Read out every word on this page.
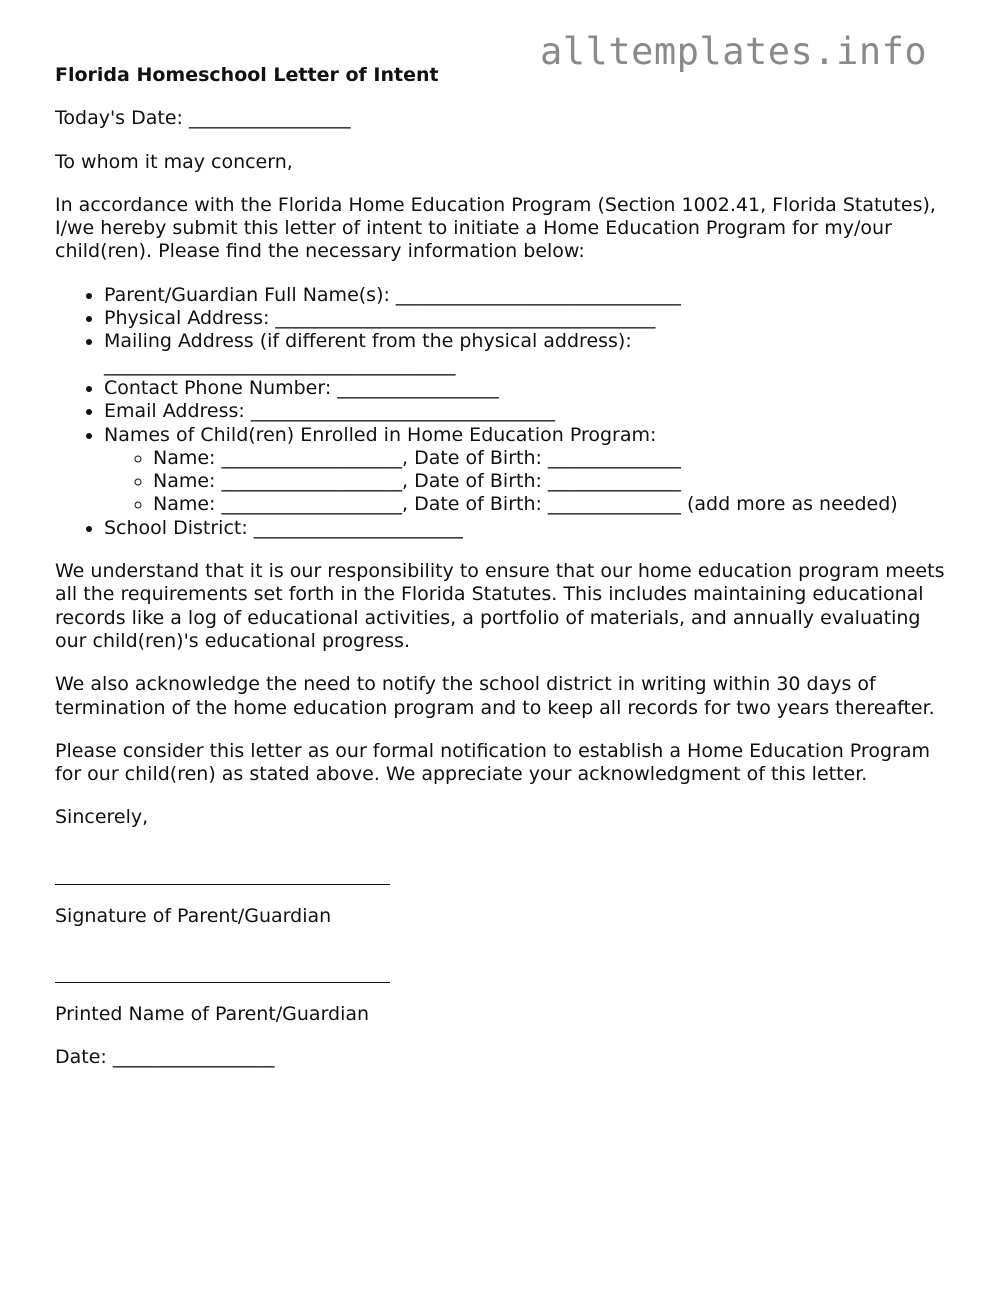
alltemplates.info
Florida Homeschool Letter of Intent

Today's Date: _________________

To whom it may concern,

In accordance with the Florida Home Education Program (Section 1002.41, Florida Statutes), I/we hereby submit this letter of intent to initiate a Home Education Program for my/our child(ren). Please find the necessary information below:

• Parent/Guardian Full Name(s): ______________________________
• Physical Address: ________________________________________
• Mailing Address (if different from the physical address): _____________________________________
• Contact Phone Number: _________________
• Email Address: ________________________________
• Names of Child(ren) Enrolled in Home Education Program:
◦ Name: ___________________, Date of Birth: ______________
◦ Name: ___________________, Date of Birth: ______________
◦ Name: ___________________, Date of Birth: ______________ (add more as needed)
• School District: ______________________

We understand that it is our responsibility to ensure that our home education program meets all the requirements set forth in the Florida Statutes. This includes maintaining educational records like a log of educational activities, a portfolio of materials, and annually evaluating our child(ren)'s educational progress.

We also acknowledge the need to notify the school district in writing within 30 days of termination of the home education program and to keep all records for two years thereafter.

Please consider this letter as our formal notification to establish a Home Education Program for our child(ren) as stated above. We appreciate your acknowledgment of this letter.

Sincerely,

Signature of Parent/Guardian

Printed Name of Parent/Guardian

Date: _________________
